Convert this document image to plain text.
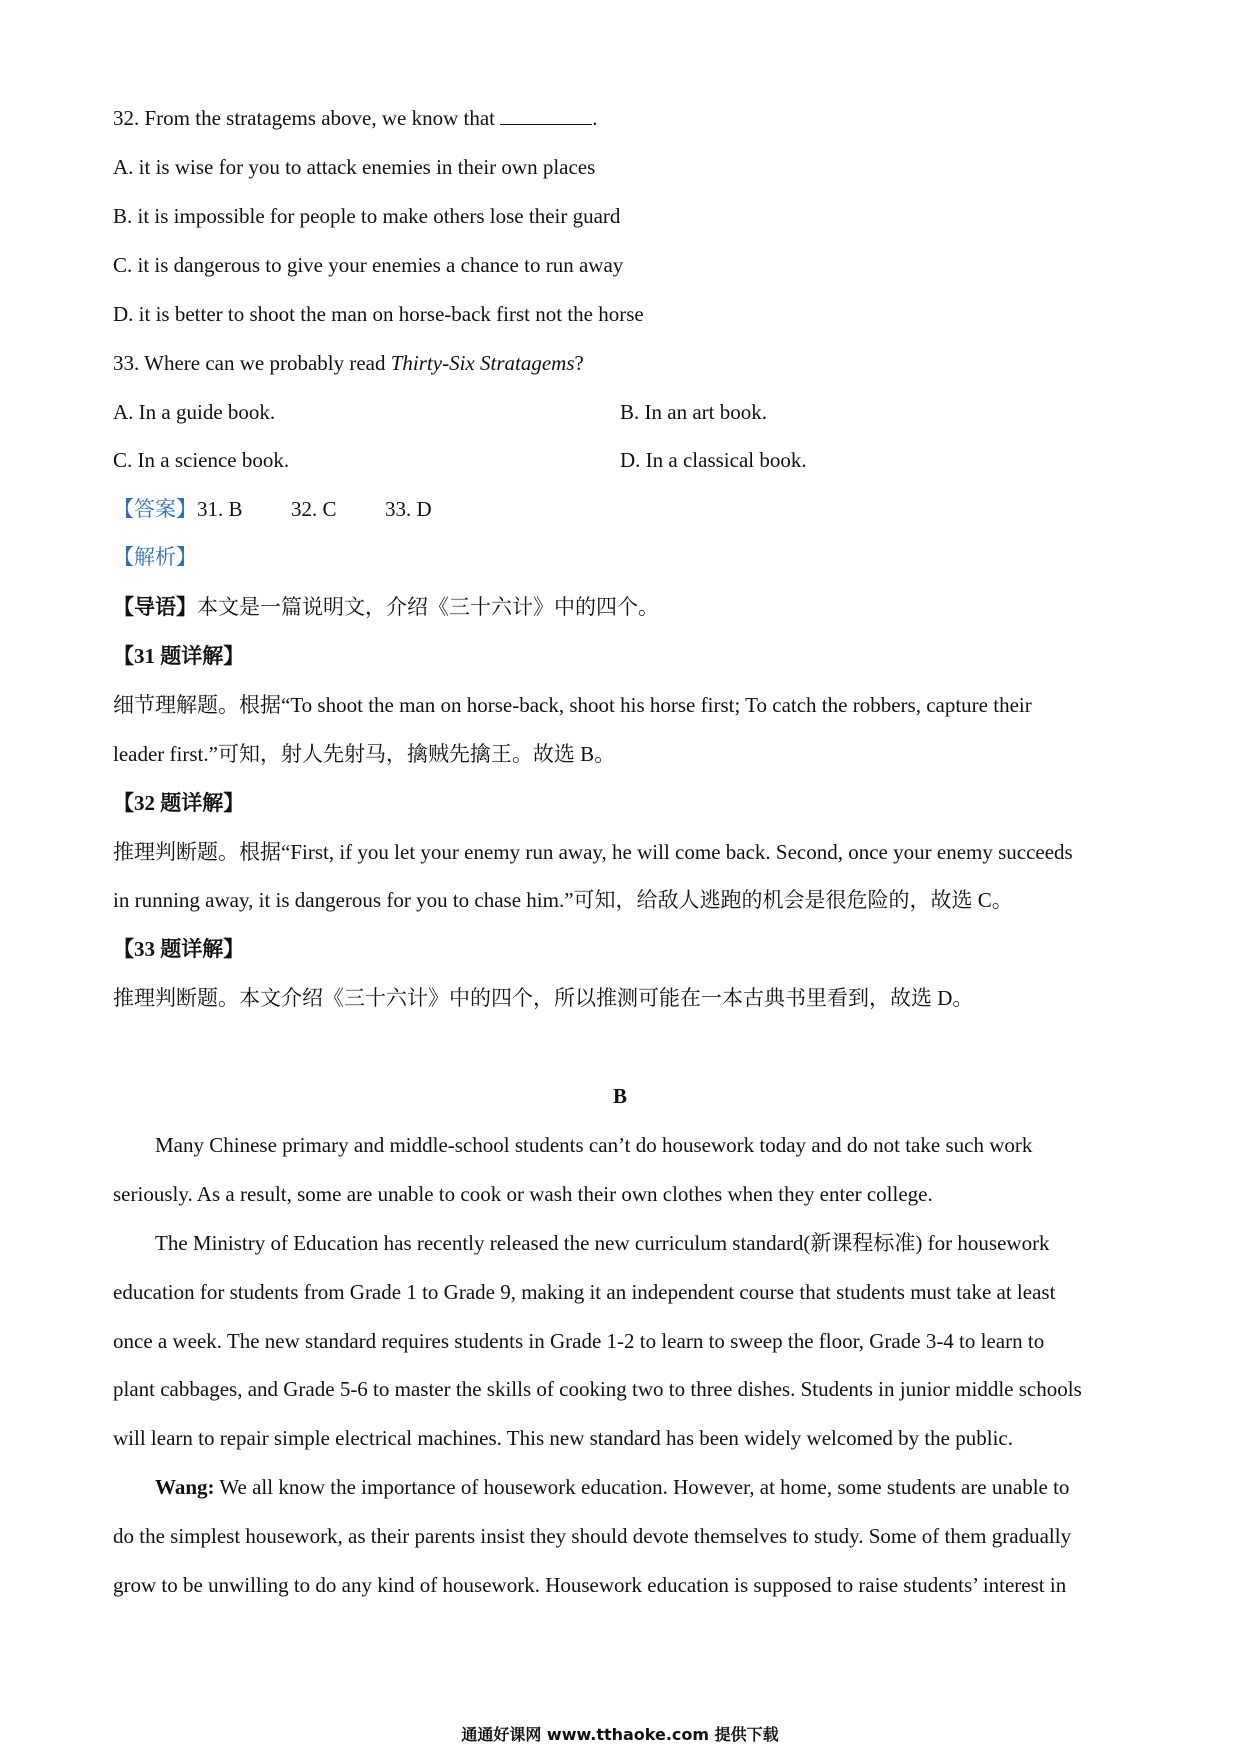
32. From the stratagems above, we know that	.
A. it is wise for you to attack enemies in their own places
B. it is impossible for people to make others lose their guard
C. it is dangerous to give your enemies a chance to run away
D. it is better to shoot the man on horse-back first not the horse
33. Where can we probably read Thirty-Six Stratagems?
A. In a guide book.	B. In an art book.
C. In a science book.	D. In a classical book.
【答案】31. B 32. C 33. D
【解析】
【导语】本文是一篇说明文，介绍《三十六计》中的四个。
【31 题详解】
细节理解题。根据“To shoot the man on horse-back, shoot his horse first; To catch the robbers, capture their
leader first.”可知，射人先射马，擒贼先擒王。故选 B。
【32 题详解】
推理判断题。根据“First, if you let your enemy run away, he will come back. Second, once your enemy succeeds
in running away, it is dangerous for you to chase him.”可知，给敌人逃跑的机会是很危险的，故选 C。
【33 题详解】
推理判断题。本文介绍《三十六计》中的四个，所以推测可能在一本古典书里看到，故选 D。
B
Many Chinese primary and middle-school students can’t do housework today and do not take such work
seriously. As a result, some are unable to cook or wash their own clothes when they enter college.
The Ministry of Education has recently released the new curriculum standard(新课程标准) for housework
education for students from Grade 1 to Grade 9, making it an independent course that students must take at least
once a week. The new standard requires students in Grade 1-2 to learn to sweep the floor, Grade 3-4 to learn to
plant cabbages, and Grade 5-6 to master the skills of cooking two to three dishes. Students in junior middle schools
will learn to repair simple electrical machines. This new standard has been widely welcomed by the public.
Wang: We all know the importance of housework education. However, at home, some students are unable to
do the simplest housework, as their parents insist they should devote themselves to study. Some of them gradually
grow to be unwilling to do any kind of housework. Housework education is supposed to raise students’ interest in
通通好课网 www.tthaoke.com 提供下载
